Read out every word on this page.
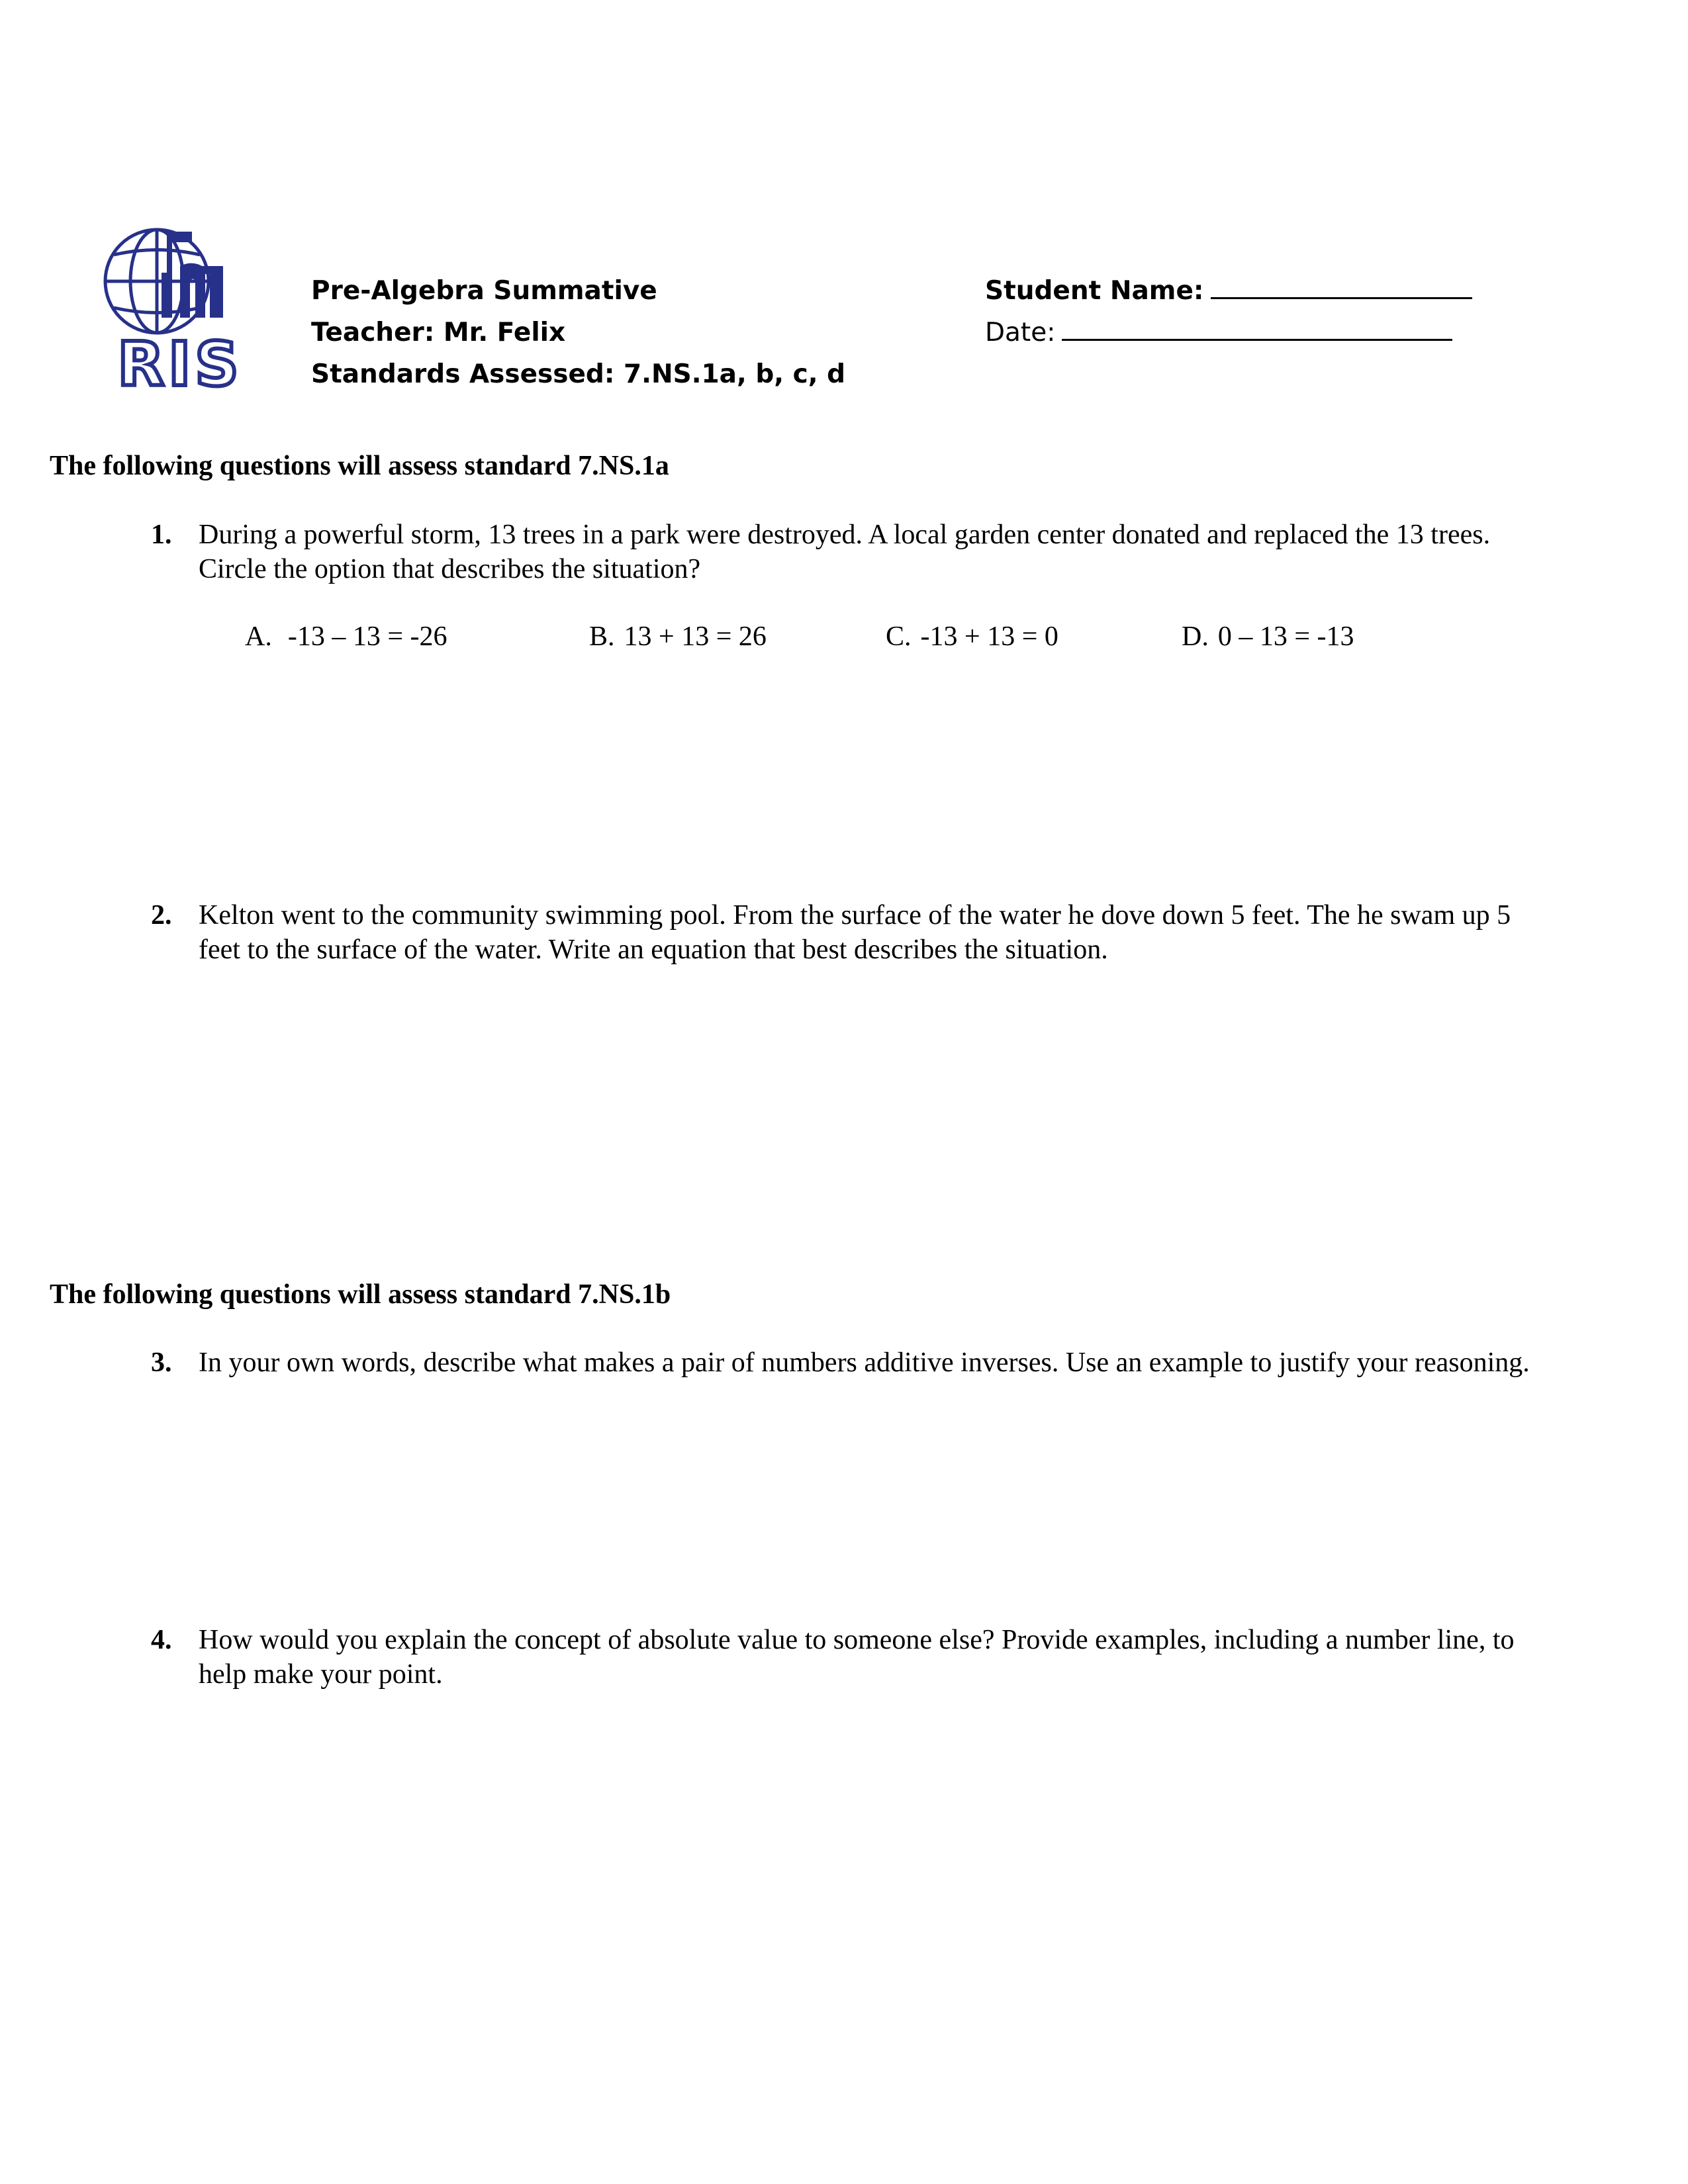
RIS
Pre-Algebra Summative
Teacher: Mr. Felix
Standards Assessed: 7.NS.1a, b, c, d
Student Name:
Date:
The following questions will assess standard 7.NS.1a
1. During a powerful storm, 13 trees in a park were destroyed. A local garden center donated and replaced the 13 trees. Circle the option that describes the situation?
A. -13 – 13 = -26	B. 13 + 13 = 26	C. -13 + 13 = 0	D. 0 – 13 = -13
2. Kelton went to the community swimming pool. From the surface of the water he dove down 5 feet. The he swam up 5 feet to the surface of the water. Write an equation that best describes the situation.
The following questions will assess standard 7.NS.1b
3. In your own words, describe what makes a pair of numbers additive inverses. Use an example to justify your reasoning.
4. How would you explain the concept of absolute value to someone else? Provide examples, including a number line, to help make your point.
